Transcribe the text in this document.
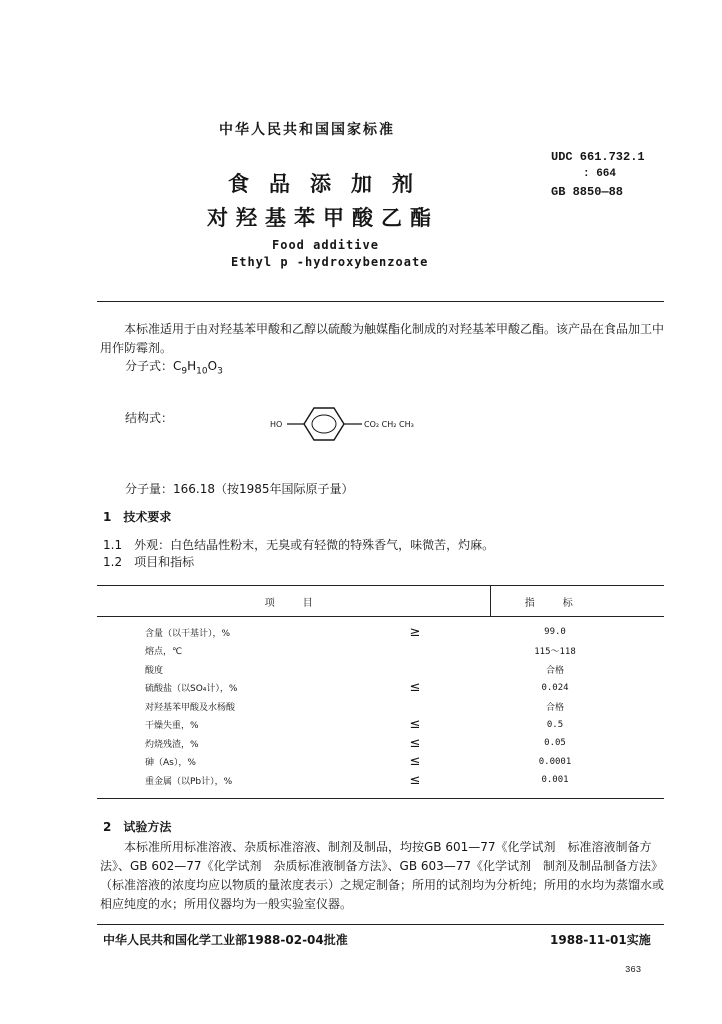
中华人民共和国国家标准
食品添加剂
对羟基苯甲酸乙酯
Food additive
Ethyl p -hydroxybenzoate
UDC 661.732.1
: 664
GB 8850—88
本标准适用于由对羟基苯甲酸和乙醇以硫酸为触媒酯化制成的对羟基苯甲酸乙酯。该产品在食品加工中用作防霉剂。
分子式：$C_9H_{10}O_3$
结构式：	HO	CO₂ CH₂ CH₃
分子量：166.18（按1985年国际原子量）
1　技术要求
1.1　外观：白色结晶性粉末，无臭或有轻微的特殊香气，味微苦，灼麻。
1.2　项目和指标
项目		指标
含量（以干基计），%	≥	99.0
熔点，℃		115～118
酸度		合格
硫酸盐（以SO₄计），%	≤	0.024
对羟基苯甲酸及水杨酸		合格
干燥失重，%	≤	0.5
灼烧残渣，%	≤	0.05
砷（As），%	≤	0.0001
重金属（以Pb计），%	≤	0.001
2　试验方法
本标准所用标准溶液、杂质标准溶液、制剂及制品，均按GB 601—77《化学试剂　标准溶液制备方法》、GB 602—77《化学试剂　杂质标准液制备方法》、GB 603—77《化学试剂　制剂及制品制备方法》（标准溶液的浓度均应以物质的量浓度表示）之规定制备；所用的试剂均为分析纯；所用的水均为蒸馏水或相应纯度的水；所用仪器均为一般实验室仪器。
中华人民共和国化学工业部1988-02-04批准	1988-11-01实施
363
